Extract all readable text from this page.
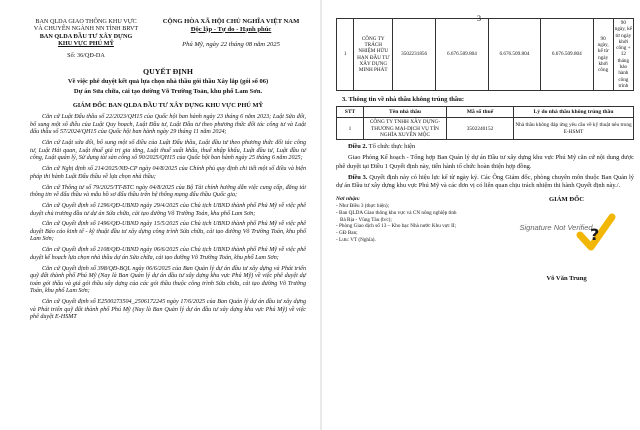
BAN QLDA GIAO THÔNG KHU VỰC
VÀ CHUYÊN NGÀNH NN TỈNH BRVT
BAN QLDA ĐẦU TƯ XÂY DỰNG
KHU VỰC PHÚ MỸ
Số: 36/QĐ-DA
CỘNG HÒA XÃ HỘI CHỦ NGHĨA VIỆT NAM
Độc lập - Tự do - Hạnh phúc
Phú Mỹ, ngày 22 tháng 08 năm 2025
QUYẾT ĐỊNH
Về việc phê duyệt kết quả lựa chọn nhà thầu gói thầu Xây lắp (gói số 06)
Dự án Sửa chữa, cải tạo đường Võ Trường Toản, khu phố Lam Sơn.
GIÁM ĐỐC BAN QLDA ĐẦU TƯ XÂY DỰNG KHU VỰC PHÚ MỸ

Căn cứ Luật Đấu thầu số 22/2023/QH15 của Quốc hội ban hành ngày 23 tháng 6 năm 2023; Luật Sửa đổi, bổ sung một số điều của Luật Quy hoạch, Luật Đầu tư, Luật Đầu tư theo phương thức đối tác công tư và Luật đấu thầu số 57/2024/QH15 của Quốc hội ban hành ngày 29 tháng 11 năm 2024;

Căn cứ Luật sửa đổi, bổ sung một số điều của Luật Đấu thầu, Luật đầu tư theo phương thức đối tác công tư, Luật Hải quan, Luật thuế giá trị gia tăng, Luật thuế xuất khẩu, thuế nhập khẩu, Luật đầu tư, Luật đầu tư công, Luật quản lý, Sử dụng tài sản công số 90/2025/QH15 của Quốc hội ban hành ngày 25 tháng 6 năm 2025;

Căn cứ Nghị định số 214/2025/NĐ-CP ngày 04/8/2025 của Chính phủ quy định chi tiết một số điều và biện pháp thi hành Luật Đấu thầu về lựa chọn nhà thầu;

Căn cứ Thông tư số 79/2025/TT-BTC ngày 04/8/2025 của Bộ Tài chính hướng dẫn việc cung cấp, đăng tải thông tin về đấu thầu và mẫu hồ sơ đấu thầu trên hệ thống mạng đấu thầu Quốc gia;

Căn cứ Quyết định số 1296/QĐ-UBND ngày 29/4/2025 của Chủ tịch UBND thành phố Phú Mỹ về việc phê duyệt chủ trương đầu tư dự án Sửa chữa, cải tạo đường Võ Trường Toản, khu phố Lam Sơn;

Căn cứ Quyết định số 1496/QĐ-UBND ngày 15/5/2025 của Chủ tịch UBND thành phố Phú Mỹ về việc phê duyệt Báo cáo kinh tế - kỹ thuật đầu tư xây dựng công trình Sửa chữa, cải tạo đường Võ Trường Toản, khu phố Lam Sơn;

Căn cứ Quyết định số 2108/QĐ-UBND ngày 06/6/2025 của Chủ tịch UBND thành phố Phú Mỹ về việc phê duyệt kế hoạch lựa chọn nhà thầu dự án Sửa chữa, cải tạo đường Võ Trường Toản, khu phố Lam Sơn;

Căn cứ Quyết định số 398/QĐ-BQL ngày 06/6/2025 của Ban Quản lý dự án đầu tư xây dựng và Phát triển quỹ đất thành phố Phú Mỹ (Nay là Ban Quản lý dự án đầu tư xây dựng khu vực Phú Mỹ) về việc phê duyệt dự toán gói thầu và giá gói thầu xây dựng của các gói thầu thuộc công trình Sửa chữa, cải tạo đường Võ Trường Toản, khu phố Lam Sơn;

Căn cứ Quyết định số E2500273504_2506172245 ngày 17/6/2025 của Ban Quản lý dự án đầu tư xây dựng và Phát triển quỹ đất thành phố Phú Mỹ (Nay là Ban Quản lý dự án đầu tư xây dựng khu vực Phú Mỹ) về việc phê duyệt E-HSMT

3
1	CÔNG TY TRÁCH NHIỆM HỮU HẠN ĐẦU TƯ XÂY DỰNG MINH PHÁT	3502231856	6.676.509.804	6.676.509.804	6.676.509.804	90 ngày, kể từ ngày khởi công	90 ngày, kể từ ngày khởi công + 12 tháng bảo hành công trình
3. Thông tin về nhà thầu không trúng thầu:
STT	Tên nhà thầu	Mã số thuế	Lý do nhà thầu không trúng thầu
1	CÔNG TY TNHH XÂY DỰNG-THƯƠNG MẠI-DỊCH VỤ TÍN NGHĨA XUYÊN MỘC	3502240152	Nhà thầu không đáp ứng yêu cầu về kỹ thuật nêu trong E-HSMT
Điều 2. Tổ chức thực hiện
Giao Phòng Kế hoạch - Tổng hợp Ban Quản lý dự án Đầu tư xây dựng khu vực Phú Mỹ căn cứ nội dung được phê duyệt tại Điều 1 Quyết định này, tiến hành tổ chức hoàn thiện hợp đồng.
Điều 3. Quyết định này có hiệu lực kể từ ngày ký. Các Ông Giám đốc, phòng chuyên môn thuộc Ban Quản lý dự án Đầu tư xây dựng khu vực Phú Mỹ và các đơn vị có liên quan chịu trách nhiệm thi hành Quyết định này./.
Nơi nhận:
- Như Điều 3 (thực hiện);
- Ban QLDA Giao thông khu vực và CN nông nghiệp tỉnh
Bà Rịa - Vũng Tàu (b/c);
- Phòng Giao dịch số 13 – Kho bạc Nhà nước Khu vực II;
- GĐ Ban;
- Lưu: VT (Nghĩa).
GIÁM ĐỐC
Signature Not Verified
?
Võ Văn Trung
